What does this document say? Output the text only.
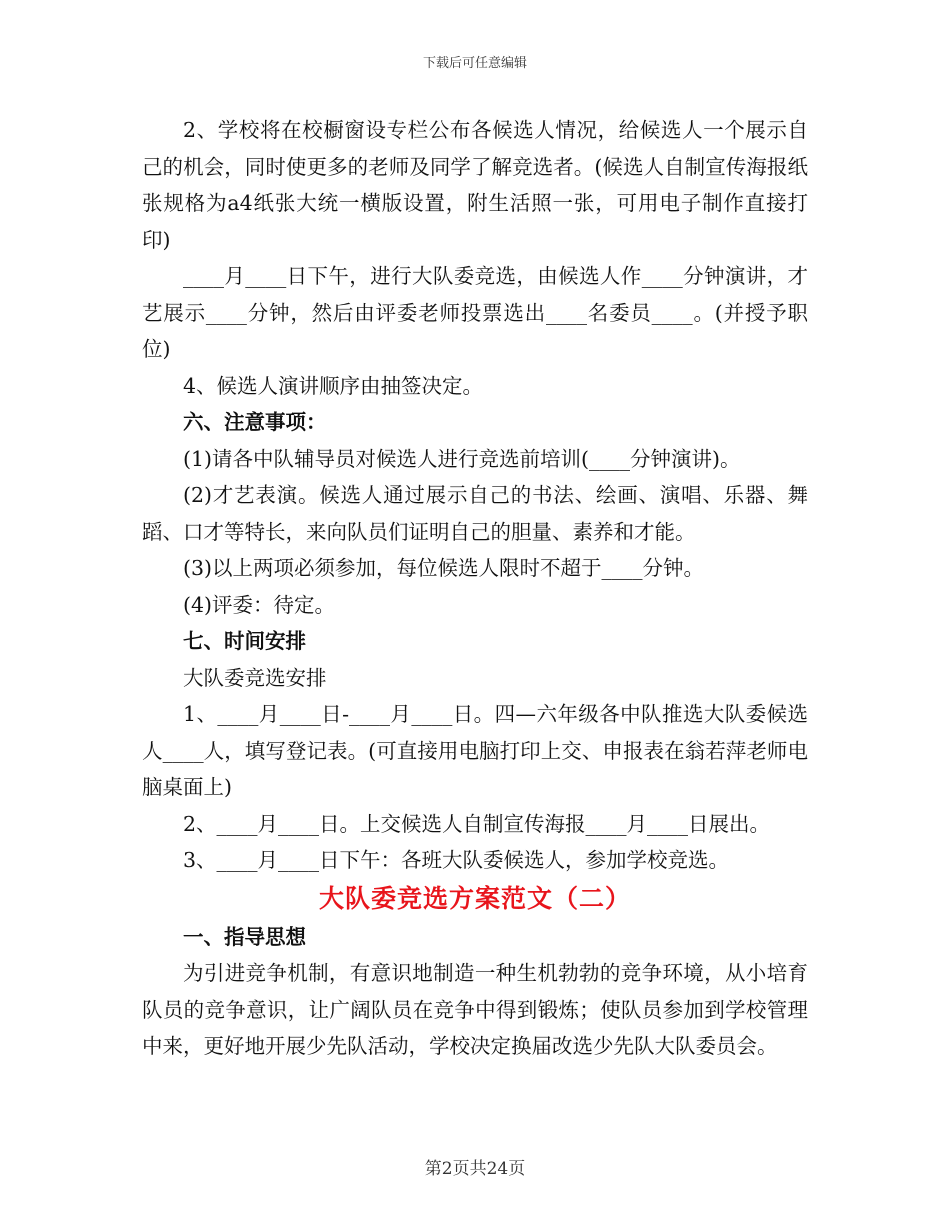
下载后可任意编辑

2、学校将在校橱窗设专栏公布各候选人情况，给候选人一个展示自己的机会，同时使更多的老师及同学了解竞选者。(候选人自制宣传海报纸张规格为a4纸张大统一横版设置，附生活照一张，可用电子制作直接打印)

____月____日下午，进行大队委竞选，由候选人作____分钟演讲，才艺展示____分钟，然后由评委老师投票选出____名委员____。(并授予职位)

4、候选人演讲顺序由抽签决定。

六、注意事项：

(1)请各中队辅导员对候选人进行竞选前培训(____分钟演讲)。

(2)才艺表演。候选人通过展示自己的书法、绘画、演唱、乐器、舞蹈、口才等特长，来向队员们证明自己的胆量、素养和才能。

(3)以上两项必须参加，每位候选人限时不超于____分钟。

(4)评委：待定。

七、时间安排

大队委竞选安排

1、____月____日-____月____日。四—六年级各中队推选大队委候选人____人，填写登记表。(可直接用电脑打印上交、申报表在翁若萍老师电脑桌面上)

2、____月____日。上交候选人自制宣传海报____月____日展出。

3、____月____日下午：各班大队委候选人，参加学校竞选。

大队委竞选方案范文（二）

一、指导思想

为引进竞争机制，有意识地制造一种生机勃勃的竞争环境，从小培育队员的竞争意识，让广阔队员在竞争中得到锻炼；使队员参加到学校管理中来，更好地开展少先队活动，学校决定换届改选少先队大队委员会。

第2页共24页
